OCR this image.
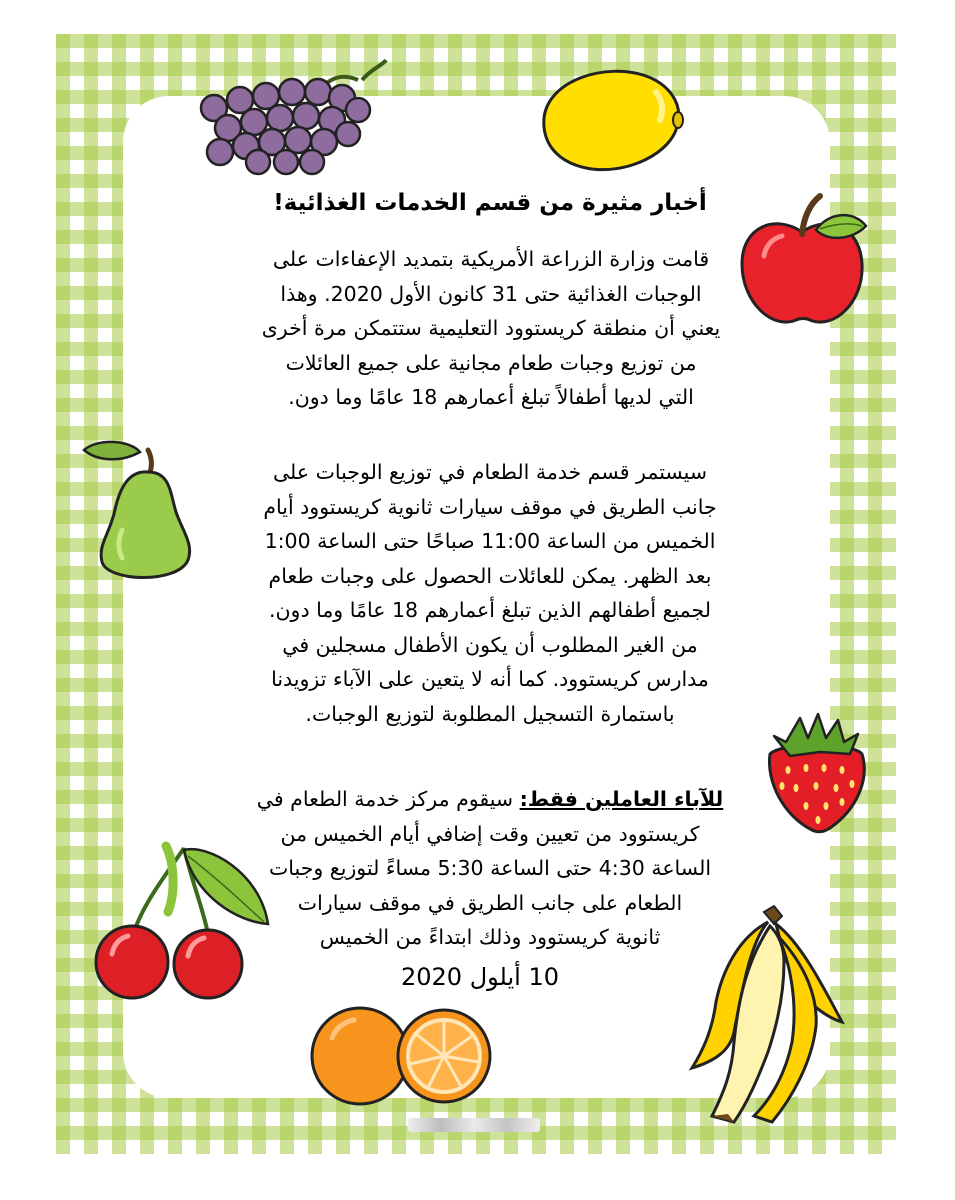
أخبار مثيرة من قسم الخدمات الغذائية!

قامت وزارة الزراعة الأمريكية بتمديد الإعفاءات على

الوجبات الغذائية حتى 31 كانون الأول 2020. وهذا

يعني أن منطقة كريستوود التعليمية ستتمكن مرة أخرى

من توزيع وجبات طعام مجانية على جميع العائلات

التي لديها أطفالاً تبلغ أعمارهم 18 عامًا وما دون.

سيستمر قسم خدمة الطعام في توزيع الوجبات على

جانب الطريق في موقف سيارات ثانوية كريستوود أيام

الخميس من الساعة 11:00 صباحًا حتى الساعة 1:00

بعد الظهر. يمكن للعائلات الحصول على وجبات طعام

لجميع أطفالهم الذين تبلغ أعمارهم 18 عامًا وما دون.

من الغير المطلوب أن يكون الأطفال مسجلين في

مدارس كريستوود. كما أنه لا يتعين على الآباء تزويدنا

باستمارة التسجيل المطلوبة لتوزيع الوجبات.

للآباء العاملين فقط: سيقوم مركز خدمة الطعام في

كريستوود من تعيين وقت إضافي أيام الخميس من

الساعة 4:30 حتى الساعة 5:30 مساءً لتوزيع وجبات

الطعام على جانب الطريق في موقف سيارات

ثانوية كريستوود وذلك ابتداءً من الخميس

10 أيلول 2020
